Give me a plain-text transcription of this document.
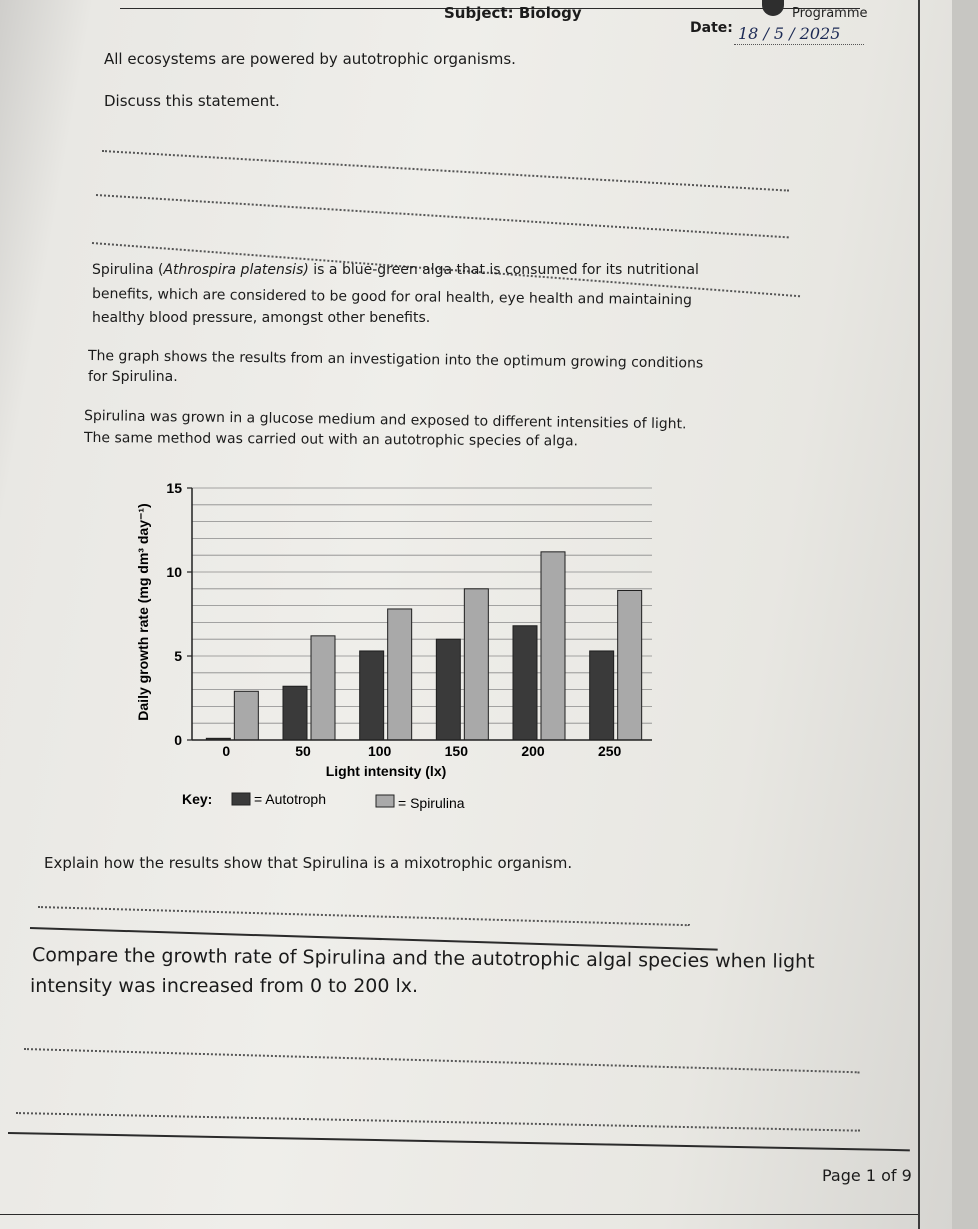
Subject: Biology	Programme
Date: 18 / 5 / 2025
All ecosystems are powered by autotrophic organisms.
Discuss this statement.
Spirulina (Athrospira platensis) is a blue-green alga that is consumed for its nutritional
benefits, which are considered to be good for oral health, eye health and maintaining
healthy blood pressure, amongst other benefits.
The graph shows the results from an investigation into the optimum growing conditions
for Spirulina.
Spirulina was grown in a glucose medium and exposed to different intensities of light.
The same method was carried out with an autotrophic species of alga.
0
5
10
15
0	50	100	150	200	250
Daily growth rate (mg dm³ day⁻¹)
Light intensity (lx)
Key:	= Autotroph	= Spirulina
Explain how the results show that Spirulina is a mixotrophic organism.
Compare the growth rate of Spirulina and the autotrophic algal species when light
intensity was increased from 0 to 200 lx.
Page 1 of 9
